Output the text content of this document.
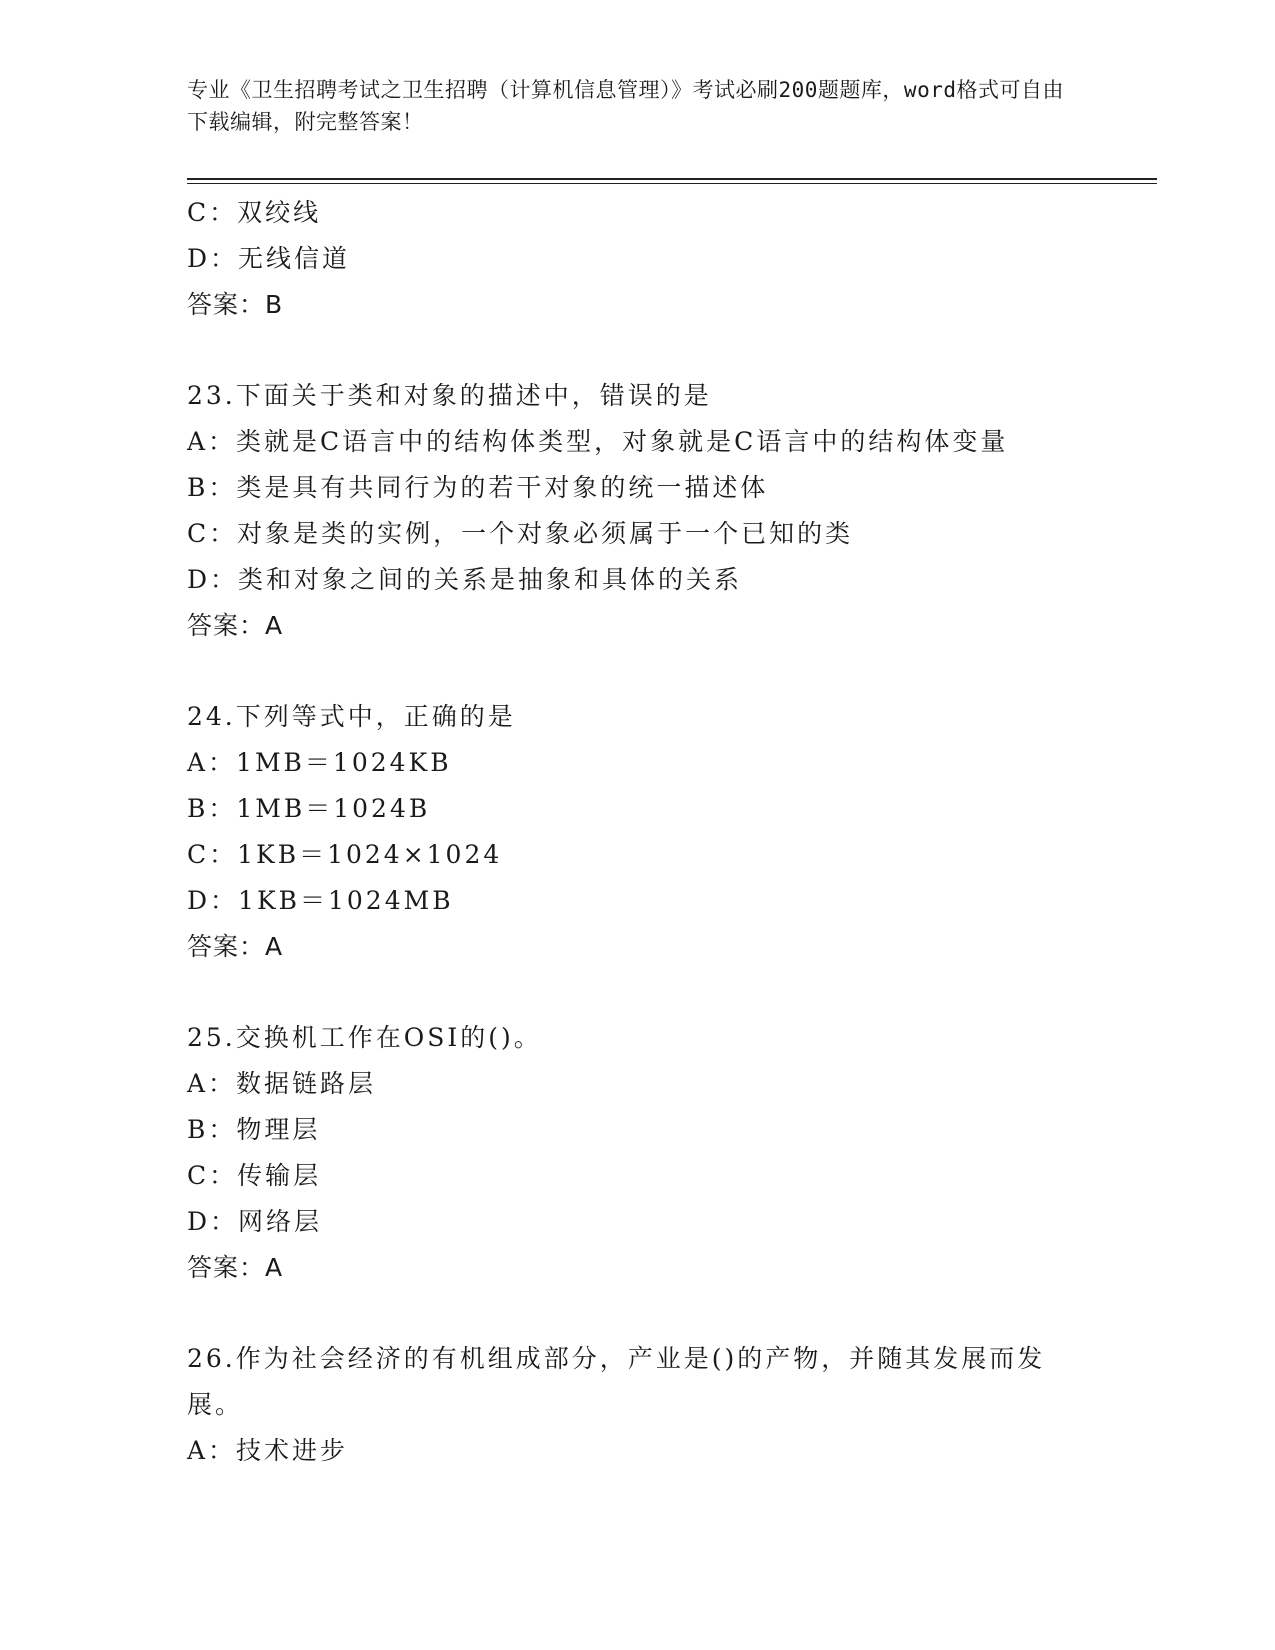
专业《卫生招聘考试之卫生招聘（计算机信息管理）》考试必刷200题题库，word格式可自由下载编辑，附完整答案！
C：双绞线
D：无线信道
答案：B
23.下面关于类和对象的描述中，错误的是
A：类就是C语言中的结构体类型，对象就是C语言中的结构体变量
B：类是具有共同行为的若干对象的统一描述体
C：对象是类的实例，一个对象必须属于一个已知的类
D：类和对象之间的关系是抽象和具体的关系
答案：A
24.下列等式中，正确的是
A：1MB＝1024KB
B：1MB＝1024B
C：1KB＝1024×1024
D：1KB＝1024MB
答案：A
25.交换机工作在OSI的()。
A：数据链路层
B：物理层
C：传输层
D：网络层
答案：A
26.作为社会经济的有机组成部分，产业是()的产物，并随其发展而发展。
A：技术进步
